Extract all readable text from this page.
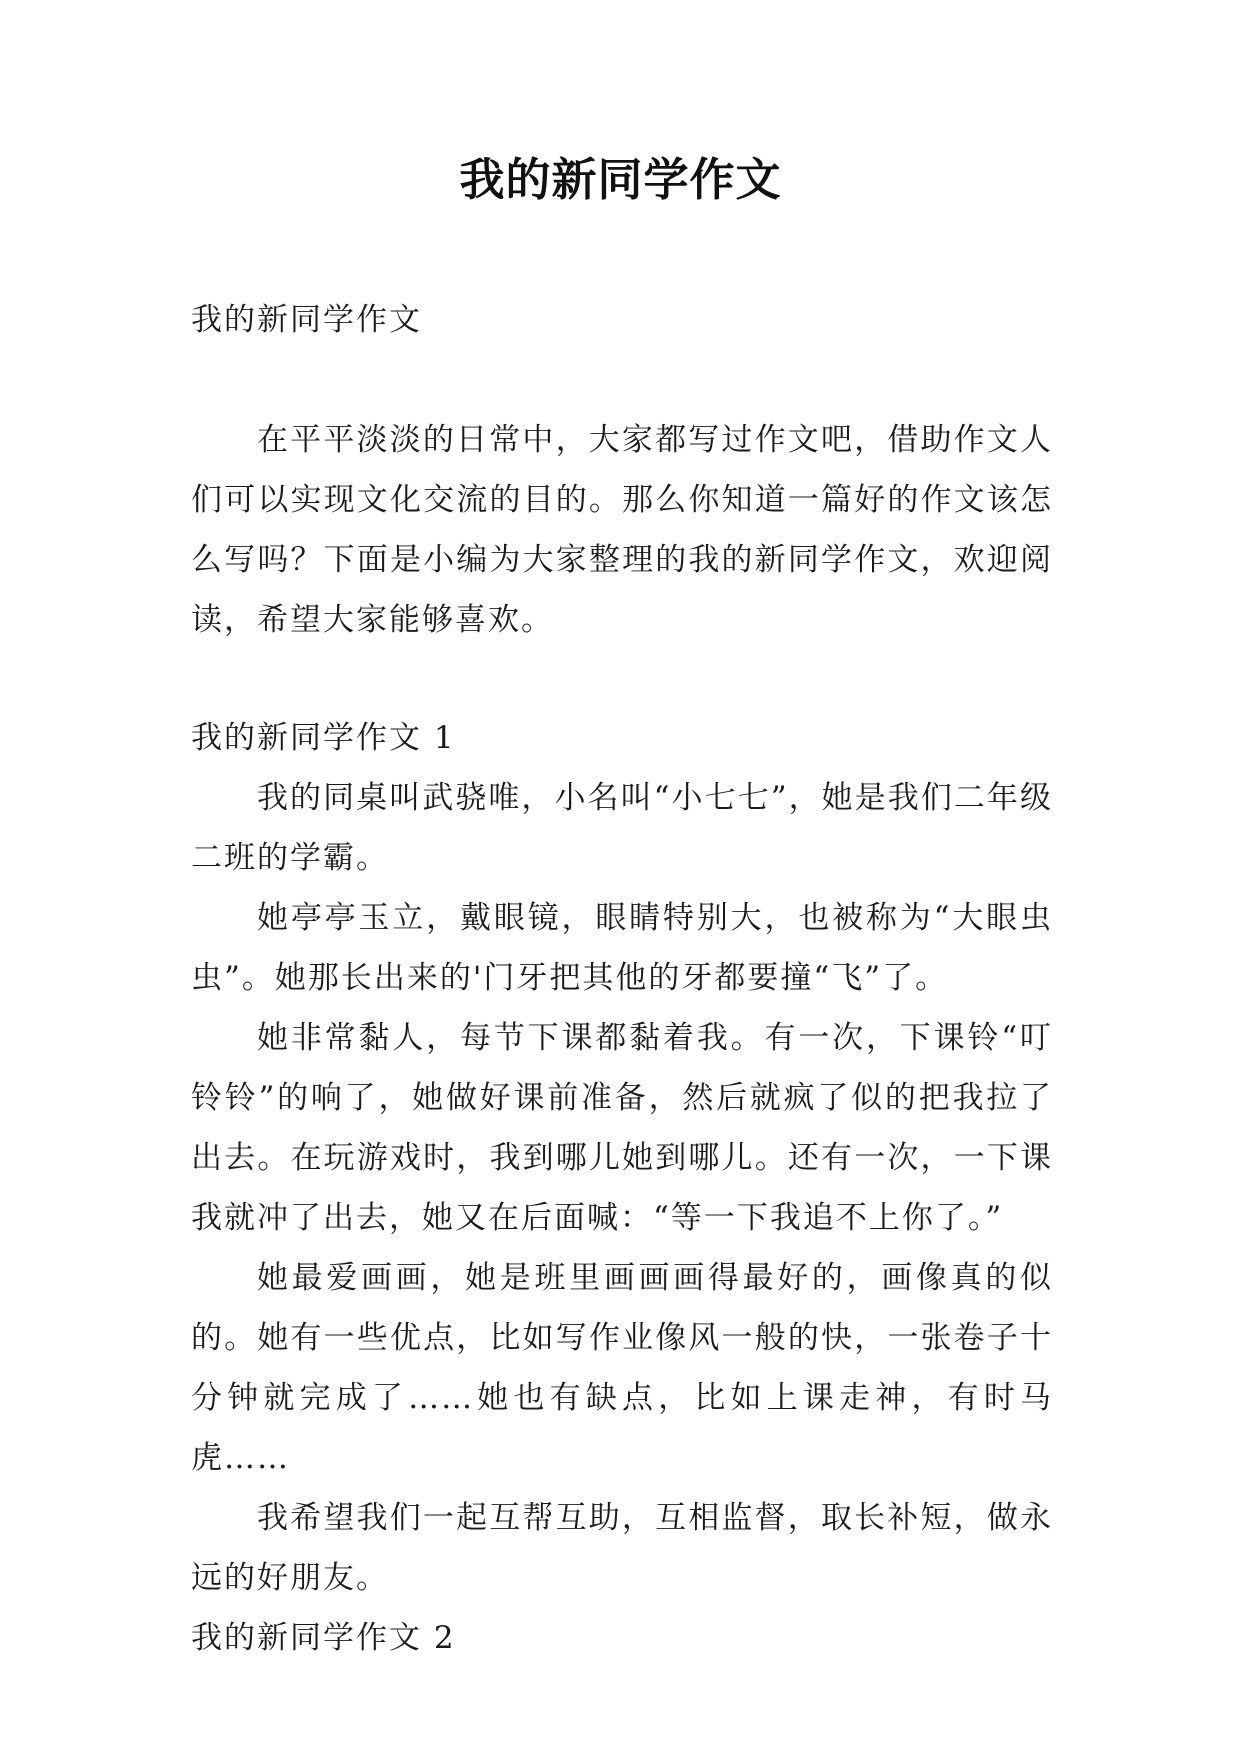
我的新同学作文

我的新同学作文

在平平淡淡的日常中，大家都写过作文吧，借助作文人们可以实现文化交流的目的。那么你知道一篇好的作文该怎么写吗？下面是小编为大家整理的我的新同学作文，欢迎阅读，希望大家能够喜欢。

我的新同学作文 1

我的同桌叫武骁唯，小名叫“小七七”，她是我们二年级二班的学霸。

她亭亭玉立，戴眼镜，眼睛特别大，也被称为“大眼虫虫”。她那长出来的'门牙把其他的牙都要撞“飞”了。

她非常黏人，每节下课都黏着我。有一次，下课铃“叮铃铃”的响了，她做好课前准备，然后就疯了似的把我拉了出去。在玩游戏时，我到哪儿她到哪儿。还有一次，一下课我就冲了出去，她又在后面喊：“等一下我追不上你了。”

她最爱画画，她是班里画画画得最好的，画像真的似的。她有一些优点，比如写作业像风一般的快，一张卷子十分钟就完成了……她也有缺点，比如上课走神，有时马虎……

我希望我们一起互帮互助，互相监督，取长补短，做永远的好朋友。

我的新同学作文 2
